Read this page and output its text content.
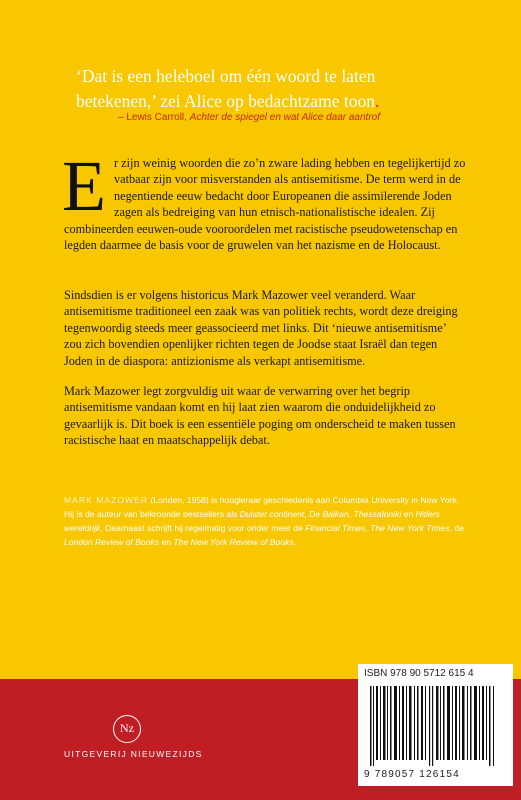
‘Dat is een heleboel om één woord te laten
betekenen,’ zei Alice op bedachtzame toon.
– Lewis Carroll, Achter de spiegel en wat Alice daar aantrof
Er zijn weinig woorden die zo’n zware lading hebben en tegelijkertijd zo vatbaar zijn voor misverstanden als antisemitisme. De term werd in de negentiende eeuw bedacht door Europeanen die assimilerende Joden zagen als bedreiging van hun etnisch-nationalistische idealen. Zij combineerden eeuwen-oude vooroordelen met racistische pseudowetenschap en legden daarmee de basis voor de gruwelen van het nazisme en de Holocaust.
Sindsdien is er volgens historicus Mark Mazower veel veranderd. Waar antisemitisme traditioneel een zaak was van politiek rechts, wordt deze dreiging tegenwoordig steeds meer geassocieerd met links. Dit ‘nieuwe antisemitisme’ zou zich bovendien openlijker richten tegen de Joodse staat Israël dan tegen Joden in de diaspora: antizionisme als verkapt antisemitisme.
Mark Mazower legt zorgvuldig uit waar de verwarring over het begrip antisemitisme vandaan komt en hij laat zien waarom die onduidelijkheid zo gevaarlijk is. Dit boek is een essentiële poging om onderscheid te maken tussen racistische haat en maatschappelijk debat.
MARK MAZOWER (Londen, 1958) is hoogleraar geschiedenis aan Columbia University in New York. Hij is de auteur van bekroonde bestsellers als Duister continent, De Balkan, Thessaloniki en Hitlers wereldrijk. Daarnaast schrijft hij regelmatig voor onder meer de Financial Times, The New York Times, de London Review of Books en The New York Review of Books.
ISBN 978 90 5712 615 4
9 789057 126154
Nz
UITGEVERIJ NIEUWEZIJDS
